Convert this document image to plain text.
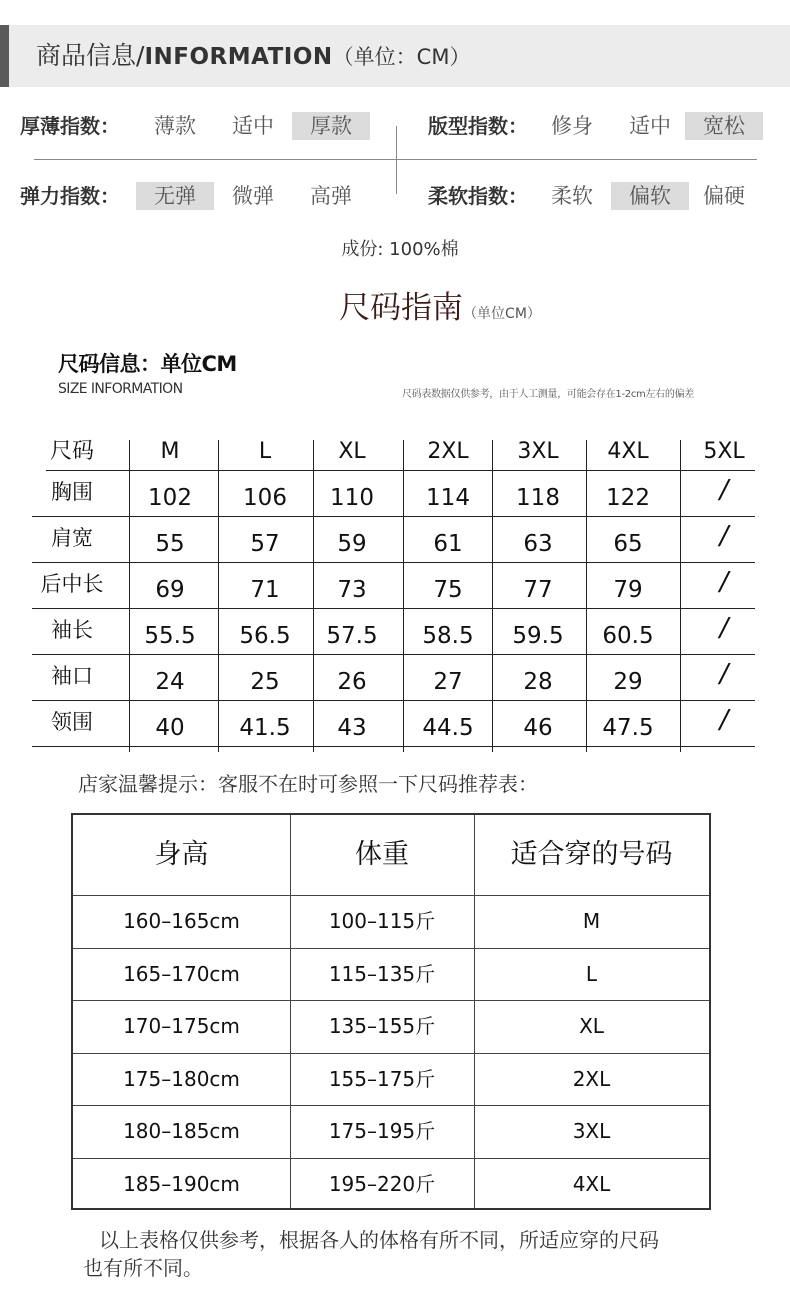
商品信息/INFORMATION（单位：CM）
厚薄指数：	薄款	适中	厚款	版型指数：	修身	适中	宽松
弹力指数：	无弹	微弹	高弹	柔软指数：	柔软	偏软	偏硬
成份: 100%棉
尺码指南（单位CM）
尺码信息：单位CM
SIZE INFORMATION	尺码表数据仅供参考，由于人工测量，可能会存在1-2cm左右的偏差
尺码	M	L	XL	2XL	3XL	4XL	5XL
胸围	102	106	110	114	118	122	/
肩宽	55	57	59	61	63	65	/
后中长	69	71	73	75	77	79	/
袖长	55.5	56.5	57.5	58.5	59.5	60.5	/
袖口	24	25	26	27	28	29	/
领围	40	41.5	43	44.5	46	47.5	/
店家温馨提示：客服不在时可参照一下尺码推荐表：
身高	体重	适合穿的号码
160–165cm	100–115斤	M
165–170cm	115–135斤	L
170–175cm	135–155斤	XL
175–180cm	155–175斤	2XL
180–185cm	175–195斤	3XL
185–190cm	195–220斤	4XL
以上表格仅供参考，根据各人的体格有所不同，所适应穿的尺码
也有所不同。
